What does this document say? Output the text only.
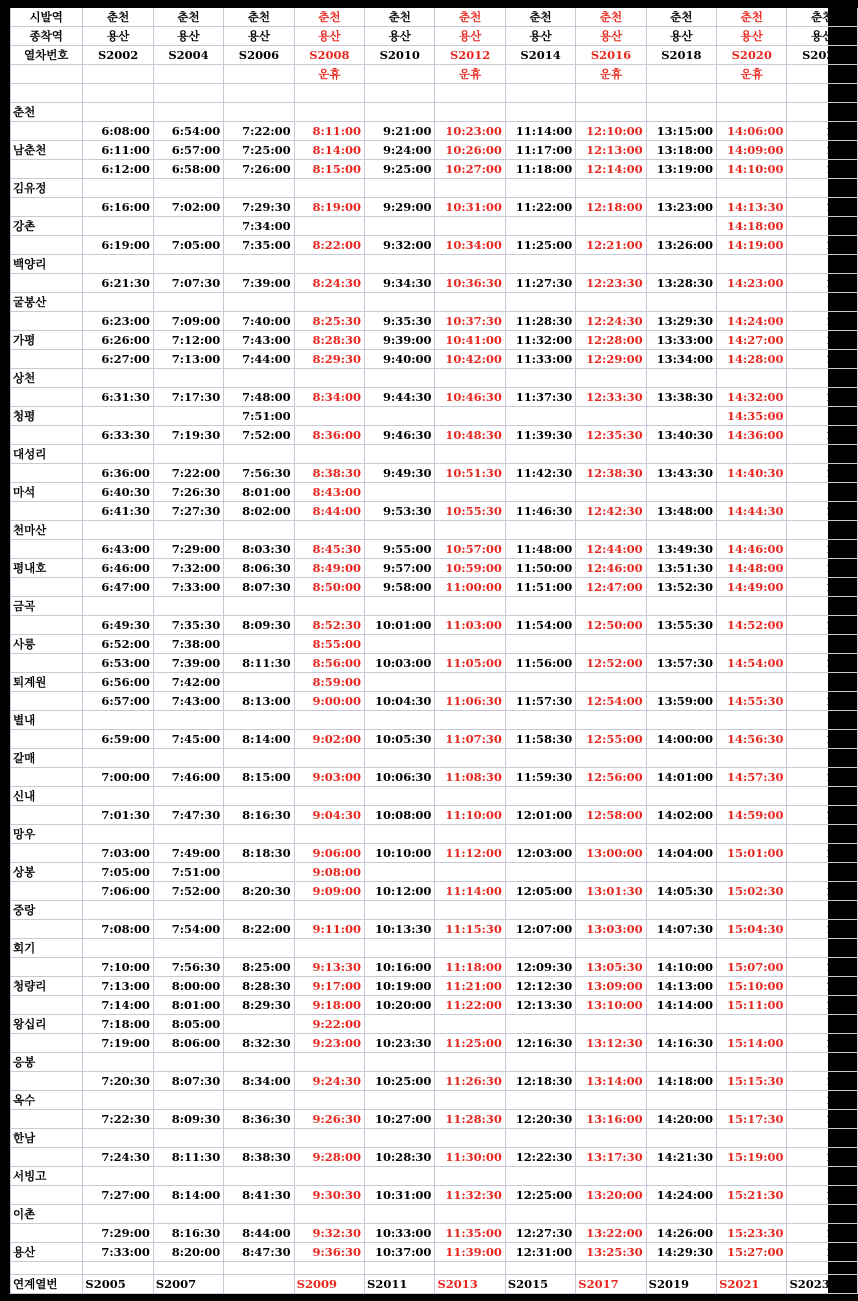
시발역	춘천	춘천	춘천	춘천	춘천	춘천	춘천	춘천	춘천	춘천	춘천
종착역	용산	용산	용산	용산	용산	용산	용산	용산	용산	용산	용산
열차번호	S2002	S2004	S2006	S2008	S2010	S2012	S2014	S2016	S2018	S2020	S2022
				운휴		운휴		운휴		운휴	

춘천											
	6:08:00	6:54:00	7:22:00	8:11:00	9:21:00	10:23:00	11:14:00	12:10:00	13:15:00	14:06:00	15:2
남춘천	6:11:00	6:57:00	7:25:00	8:14:00	9:24:00	10:26:00	11:17:00	12:13:00	13:18:00	14:09:00	15:3
	6:12:00	6:58:00	7:26:00	8:15:00	9:25:00	10:27:00	11:18:00	12:14:00	13:19:00	14:10:00	15:3
김유정											
	6:16:00	7:02:00	7:29:30	8:19:00	9:29:00	10:31:00	11:22:00	12:18:00	13:23:00	14:13:30	15:3
강촌			7:34:00							14:18:00	
	6:19:00	7:05:00	7:35:00	8:22:00	9:32:00	10:34:00	11:25:00	12:21:00	13:26:00	14:19:00	15:4
백양리											
	6:21:30	7:07:30	7:39:00	8:24:30	9:34:30	10:36:30	11:27:30	12:23:30	13:28:30	14:23:00	15:4
굴봉산											
	6:23:00	7:09:00	7:40:00	8:25:30	9:35:30	10:37:30	11:28:30	12:24:30	13:29:30	14:24:00	15:4
가평	6:26:00	7:12:00	7:43:00	8:28:30	9:39:00	10:41:00	11:32:00	12:28:00	13:33:00	14:27:00	15:4
	6:27:00	7:13:00	7:44:00	8:29:30	9:40:00	10:42:00	11:33:00	12:29:00	13:34:00	14:28:00	15:4
상천											
	6:31:30	7:17:30	7:48:00	8:34:00	9:44:30	10:46:30	11:37:30	12:33:30	13:38:30	14:32:00	15:5
청평			7:51:00							14:35:00	
	6:33:30	7:19:30	7:52:00	8:36:00	9:46:30	10:48:30	11:39:30	12:35:30	13:40:30	14:36:00	15:5
대성리											
	6:36:00	7:22:00	7:56:30	8:38:30	9:49:30	10:51:30	11:42:30	12:38:30	13:43:30	14:40:30	15:5
마석	6:40:30	7:26:30	8:01:00	8:43:00							
	6:41:30	7:27:30	8:02:00	8:44:00	9:53:30	10:55:30	11:46:30	12:42:30	13:48:00	14:44:30	16:0
천마산											
	6:43:00	7:29:00	8:03:30	8:45:30	9:55:00	10:57:00	11:48:00	12:44:00	13:49:30	14:46:00	16:0
평내호	6:46:00	7:32:00	8:06:30	8:49:00	9:57:00	10:59:00	11:50:00	12:46:00	13:51:30	14:48:00	16:0
	6:47:00	7:33:00	8:07:30	8:50:00	9:58:00	11:00:00	11:51:00	12:47:00	13:52:30	14:49:00	16:0
금곡											
	6:49:30	7:35:30	8:09:30	8:52:30	10:01:00	11:03:00	11:54:00	12:50:00	13:55:30	14:52:00	16:0
사릉	6:52:00	7:38:00		8:55:00							
	6:53:00	7:39:00	8:11:30	8:56:00	10:03:00	11:05:00	11:56:00	12:52:00	13:57:30	14:54:00	16:1
퇴계원	6:56:00	7:42:00		8:59:00							
	6:57:00	7:43:00	8:13:00	9:00:00	10:04:30	11:06:30	11:57:30	12:54:00	13:59:00	14:55:30	16:1
별내											
	6:59:00	7:45:00	8:14:00	9:02:00	10:05:30	11:07:30	11:58:30	12:55:00	14:00:00	14:56:30	16:1
갈매											
	7:00:00	7:46:00	8:15:00	9:03:00	10:06:30	11:08:30	11:59:30	12:56:00	14:01:00	14:57:30	16:1
신내											
	7:01:30	7:47:30	8:16:30	9:04:30	10:08:00	11:10:00	12:01:00	12:58:00	14:02:00	14:59:00	16:1
망우											
	7:03:00	7:49:00	8:18:30	9:06:00	10:10:00	11:12:00	12:03:00	13:00:00	14:04:00	15:01:00	16:1
상봉	7:05:00	7:51:00		9:08:00							
	7:06:00	7:52:00	8:20:30	9:09:00	10:12:00	11:14:00	12:05:00	13:01:30	14:05:30	15:02:30	16:1
중랑											
	7:08:00	7:54:00	8:22:00	9:11:00	10:13:30	11:15:30	12:07:00	13:03:00	14:07:30	15:04:30	16:2
회기											
	7:10:00	7:56:30	8:25:00	9:13:30	10:16:00	11:18:00	12:09:30	13:05:30	14:10:00	15:07:00	16:2
청량리	7:13:00	8:00:00	8:28:30	9:17:00	10:19:00	11:21:00	12:12:30	13:09:00	14:13:00	15:10:00	16:2
	7:14:00	8:01:00	8:29:30	9:18:00	10:20:00	11:22:00	12:13:30	13:10:00	14:14:00	15:11:00	16:2
왕십리	7:18:00	8:05:00		9:22:00							
	7:19:00	8:06:00	8:32:30	9:23:00	10:23:30	11:25:00	12:16:30	13:12:30	14:16:30	15:14:00	16:3
응봉											
	7:20:30	8:07:30	8:34:00	9:24:30	10:25:00	11:26:30	12:18:30	13:14:00	14:18:00	15:15:30	16:3
옥수											16:3
	7:22:30	8:09:30	8:36:30	9:26:30	10:27:00	11:28:30	12:20:30	13:16:00	14:20:00	15:17:30	16:3
한남											
	7:24:30	8:11:30	8:38:30	9:28:00	10:28:30	11:30:00	12:22:30	13:17:30	14:21:30	15:19:00	16:3
서빙고											
	7:27:00	8:14:00	8:41:30	9:30:30	10:31:00	11:32:30	12:25:00	13:20:00	14:24:00	15:21:30	16:4
이촌											
	7:29:00	8:16:30	8:44:00	9:32:30	10:33:00	11:35:00	12:27:30	13:22:00	14:26:00	15:23:30	16:4
용산	7:33:00	8:20:00	8:47:30	9:36:30	10:37:00	11:39:00	12:31:00	13:25:30	14:29:30	15:27:00	16:4

연계열번	S2005	S2007		S2009	S2011	S2013	S2015	S2017	S2019	S2021	S2023
